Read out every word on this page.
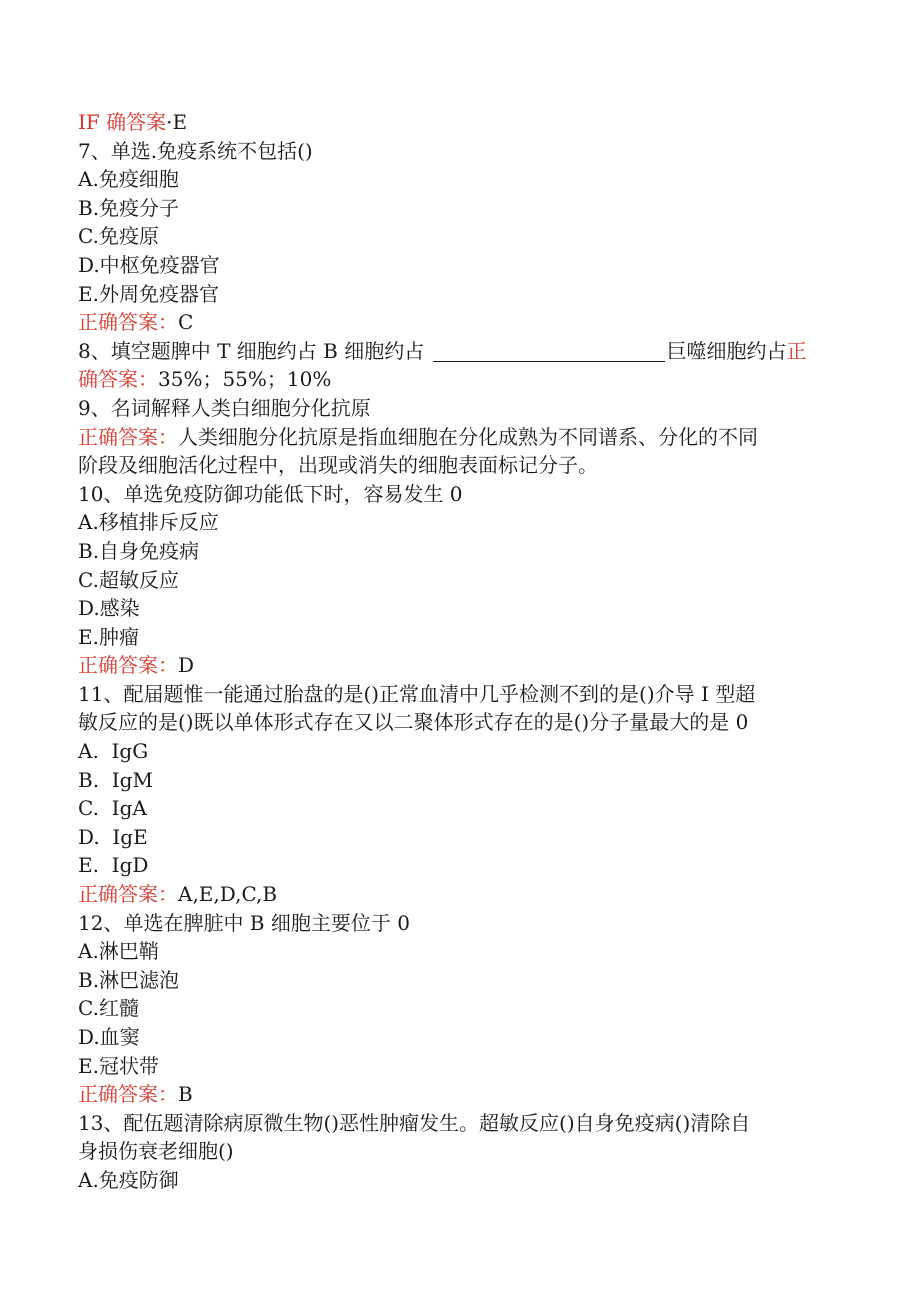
IF 确答案·E
7、单选.免疫系统不包括()
A.免疫细胞
B.免疫分子
C.免疫原
D.中枢免疫器官
E.外周免疫器官
正确答案：C
8、填空题脾中 T 细胞约占 B 细胞约占	巨噬细胞约占正
确答案：35%；55%；10%
9、名词解释人类白细胞分化抗原
正确答案：人类细胞分化抗原是指血细胞在分化成熟为不同谱系、分化的不同
阶段及细胞活化过程中，出现或消失的细胞表面标记分子。
10、单选免疫防御功能低下时，容易发生 0
A.移植排斥反应
B.自身免疫病
C.超敏反应
D.感染
E.肿瘤
正确答案：D
11、配届题惟一能通过胎盘的是()正常血清中几乎检测不到的是()介导 I 型超
敏反应的是()既以单体形式存在又以二聚体形式存在的是()分子量最大的是 0
A.  IgG
B.  IgM
C.  IgA
D.  IgE
E.  IgD
正确答案：A,E,D,C,B
12、单选在脾脏中 B 细胞主要位于 0
A.淋巴鞘
B.淋巴滤泡
C.红髓
D.血窦
E.冠状带
正确答案：B
13、配伍题清除病原微生物()恶性肿瘤发生。超敏反应()自身免疫病()清除自
身损伤衰老细胞()
A.免疫防御
